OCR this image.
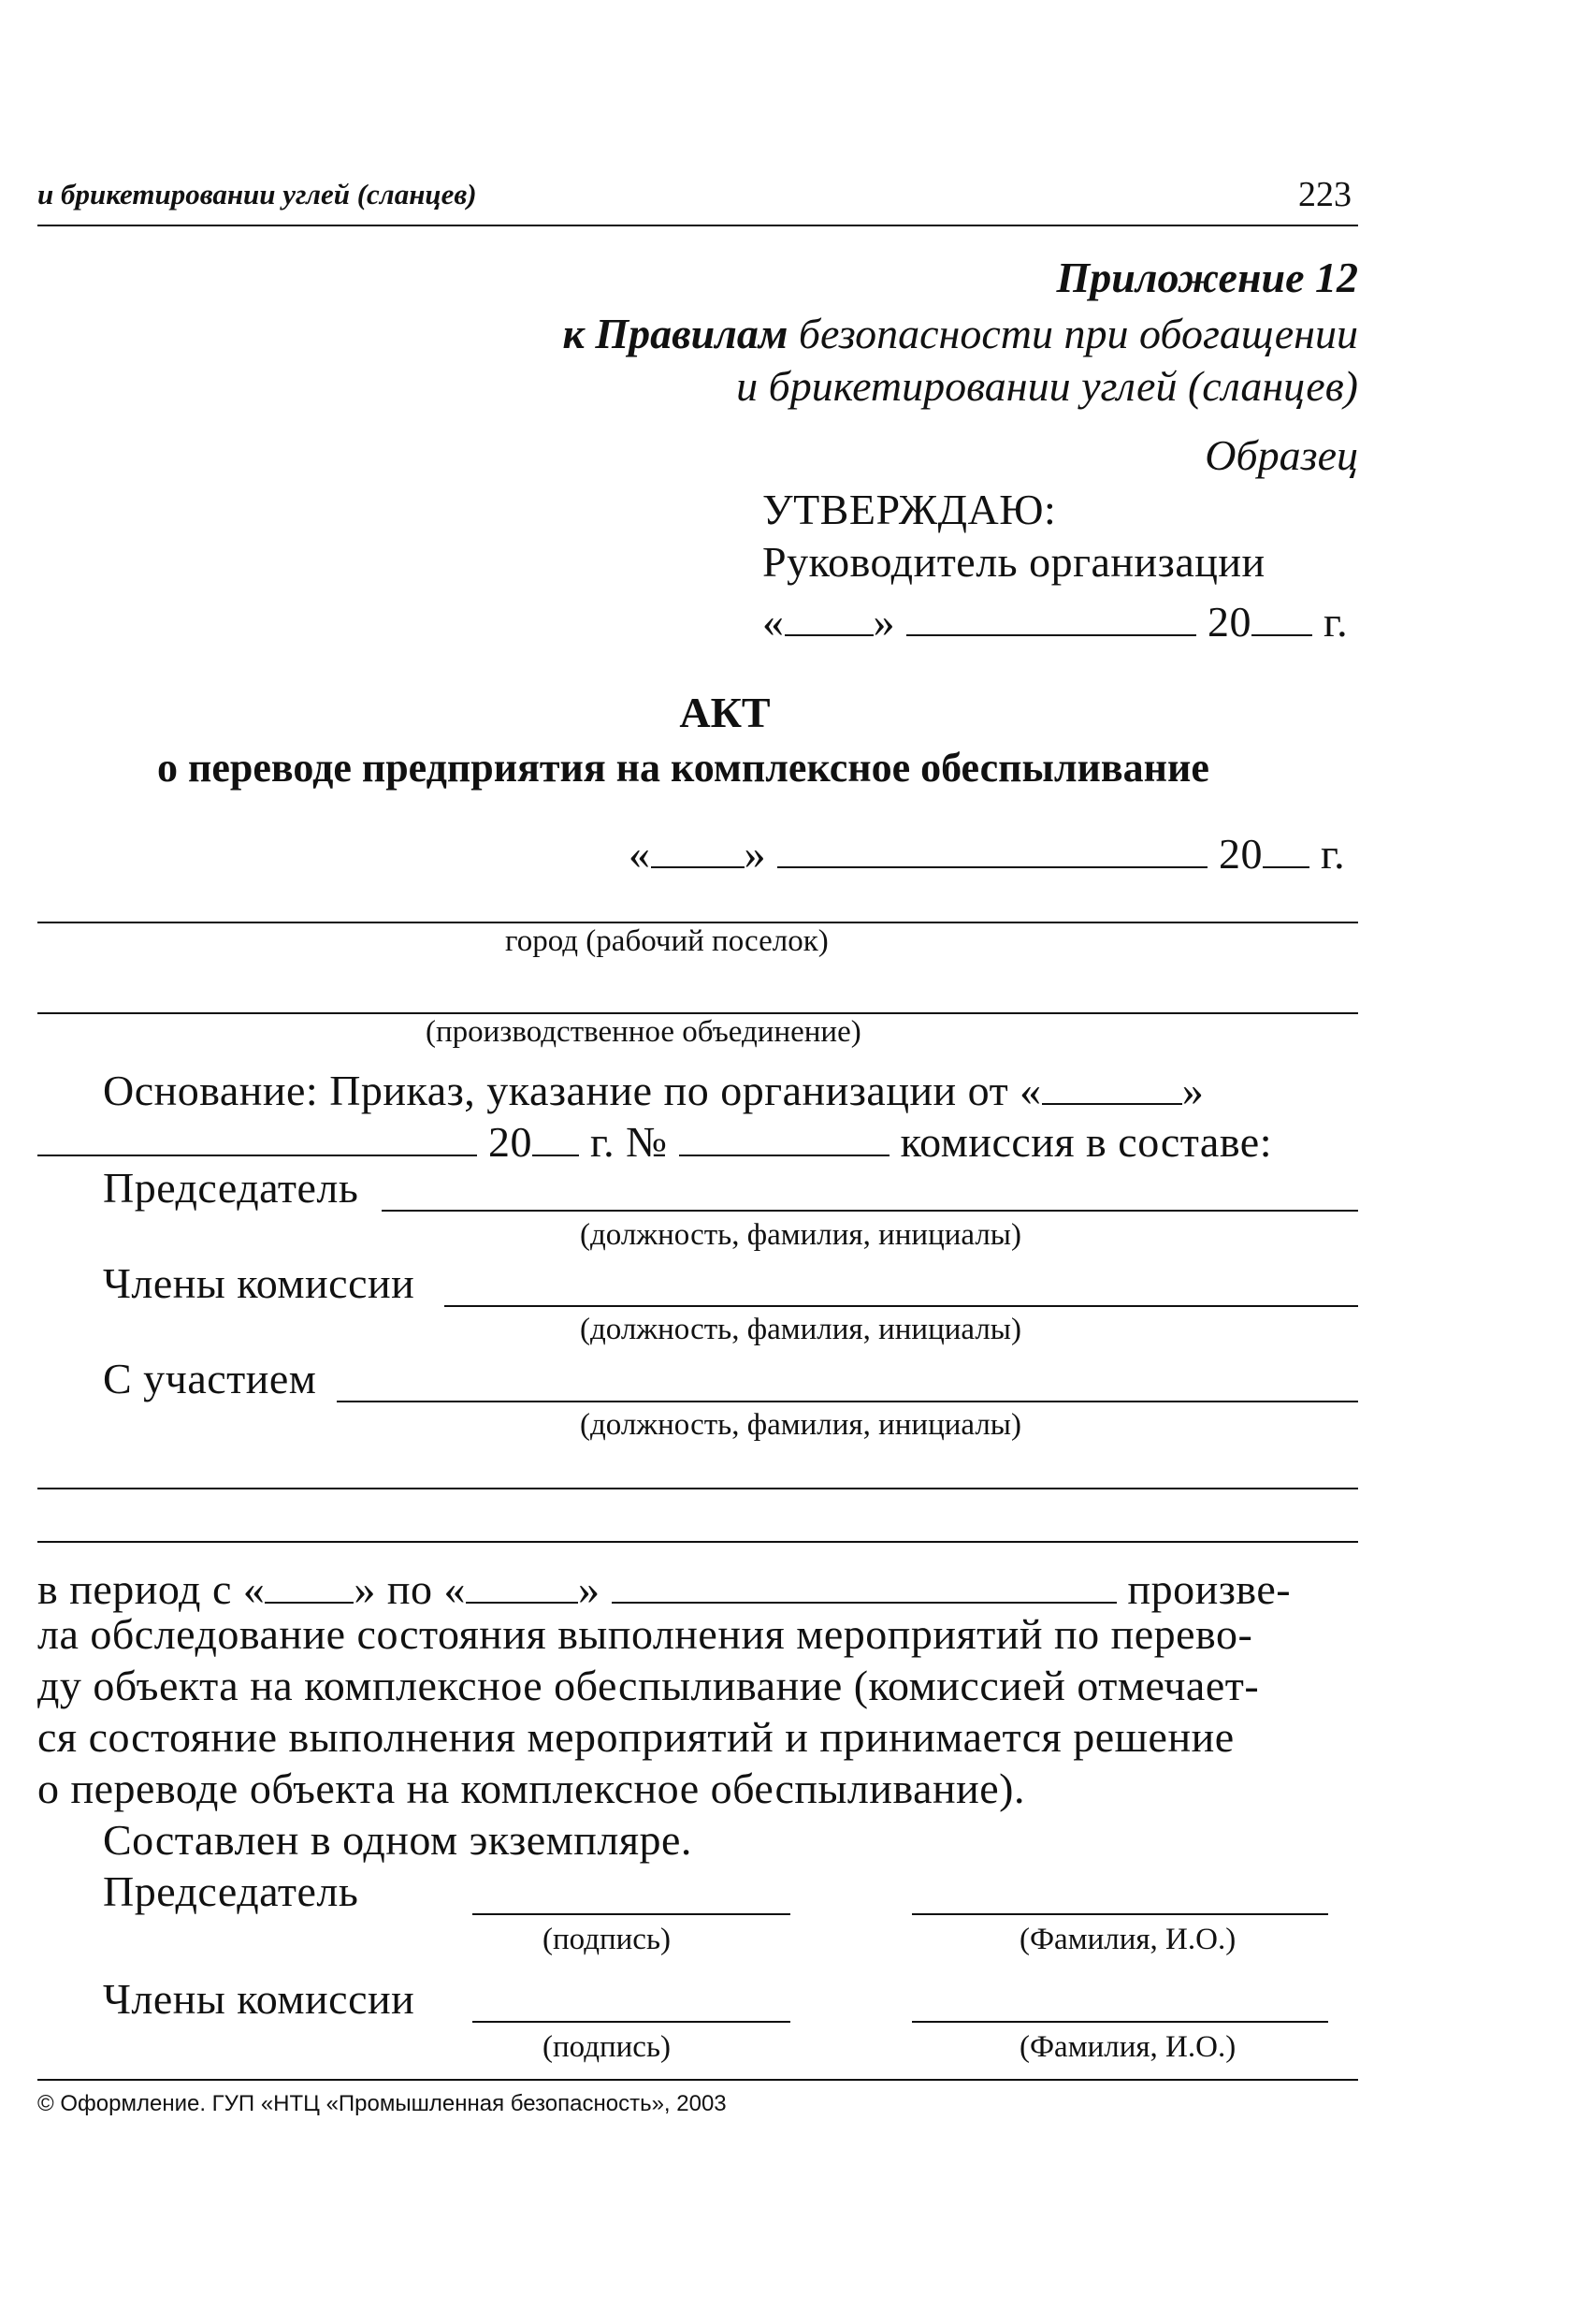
и брикетировании углей (сланцев)	223
Приложение 12
к Правилам безопасности при обогащении
и брикетировании углей (сланцев)
Образец
УТВЕРЖДАЮ:
Руководитель организации
« »	20 г.
АКТ
о переводе предприятия на комплексное обеспыливание
« »	20 г.
город (рабочий поселок)
(производственное объединение)
Основание: Приказ, указание по организации от «	»
20 г. №	комиссия в составе:
Председатель
(должность, фамилия, инициалы)
Члены комиссии
(должность, фамилия, инициалы)
С участием
(должность, фамилия, инициалы)
в период с « » по «	»	произве-
ла обследование состояния выполнения мероприятий по перево-
ду объекта на комплексное обеспыливание (комиссией отмечает-
ся состояние выполнения мероприятий и принимается решение
о переводе объекта на комплексное обеспыливание).
Составлен в одном экземпляре.
Председатель
(подпись)	(Фамилия, И.О.)
Члены комиссии
(подпись)	(Фамилия, И.О.)
© Оформление. ГУП «НТЦ «Промышленная безопасность», 2003
